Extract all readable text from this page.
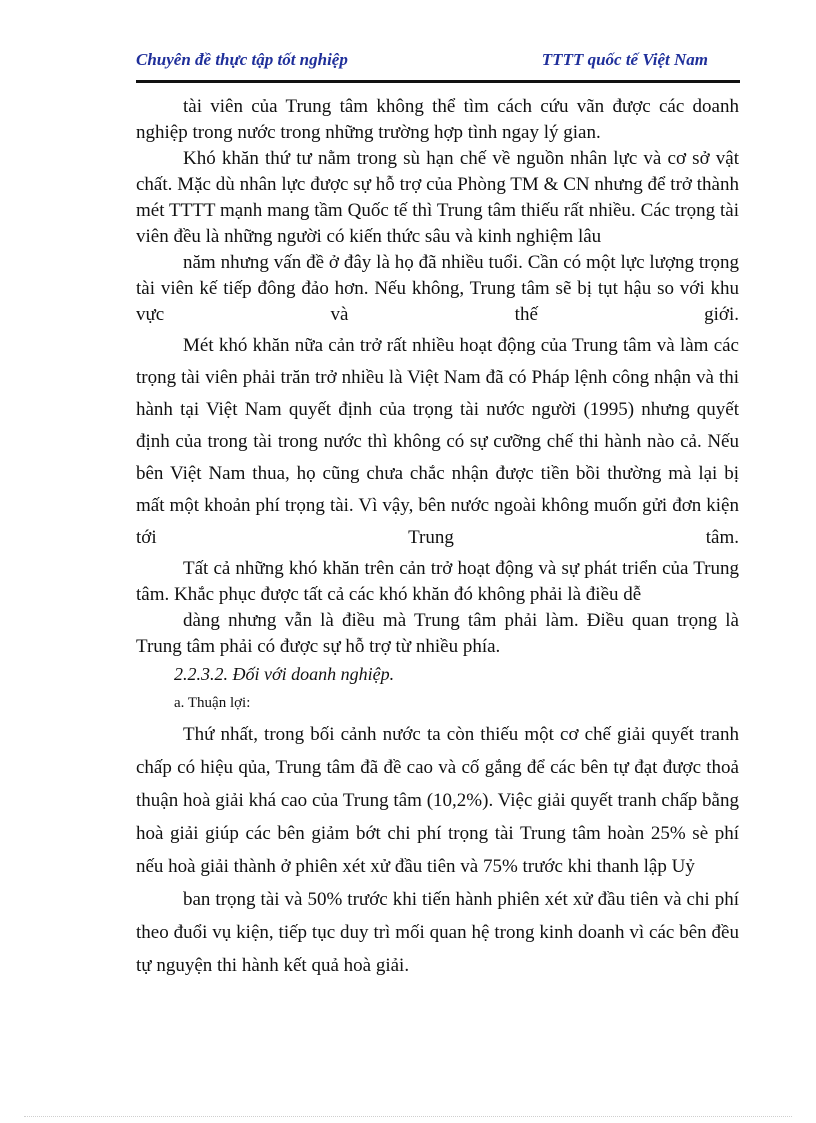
Chuyên đề thực tập tốt nghiệp	TTTT quốc tế Việt Nam

tài viên của Trung tâm không thể tìm cách cứu vãn được các doanh nghiệp trong nước trong những trường hợp tình ngay lý gian.

Khó khăn thứ tư nằm trong sù hạn chế về nguồn nhân lực và cơ sở vật chất. Mặc dù nhân lực được sự hỗ trợ của Phòng TM & CN nhưng để trở thành mét TTTT mạnh mang tầm Quốc tế thì Trung tâm thiếu rất nhiều. Các trọng tài viên đều là những người có kiến thức sâu và kinh nghiệm lâu

năm nhưng vấn đề ở đây là họ đã nhiều tuổi. Cần có một lực lượng trọng tài viên kế tiếp đông đảo hơn. Nếu không, Trung tâm sẽ bị tụt hậu so với khu vực và thế giới.

Mét khó khăn nữa cản trở rất nhiều hoạt động của Trung tâm và làm các trọng tài viên phải trăn trở nhiều là Việt Nam đã có Pháp lệnh công nhận và thi hành tại Việt Nam quyết định của trọng tài nước người (1995) nhưng quyết định của trong tài trong nước thì không có sự cưỡng chế thi hành nào cả. Nếu bên Việt Nam thua, họ cũng chưa chắc nhận được tiền bồi thường mà lại bị mất một khoản phí trọng tài. Vì vậy, bên nước ngoài không muốn gửi đơn kiện tới Trung tâm.

Tất cả những khó khăn trên cản trở hoạt động và sự phát triển của Trung tâm. Khắc phục được tất cả các khó khăn đó không phải là điều dễ

dàng nhưng vẫn là điều mà Trung tâm phải làm. Điều quan trọng là Trung tâm phải có được sự hỗ trợ từ nhiều phía.

2.2.3.2. Đối với doanh nghiệp.

a. Thuận lợi:

Thứ nhất, trong bối cảnh nước ta còn thiếu một cơ chế giải quyết tranh chấp có hiệu qủa, Trung tâm đã đề cao và cố gắng để các bên tự đạt được thoả thuận hoà giải khá cao của Trung tâm (10,2%). Việc giải quyết tranh chấp bằng hoà giải giúp các bên giảm bớt chi phí trọng tài Trung tâm hoàn 25% sè phí nếu hoà giải thành ở phiên xét xử đầu tiên và 75% trước khi thanh lập Uỷ

ban trọng tài và 50% trước khi tiến hành phiên xét xử đầu tiên và chi phí theo đuổi vụ kiện, tiếp tục duy trì mối quan hệ trong kinh doanh vì các bên đều tự nguyện thi hành kết quả hoà giải.
